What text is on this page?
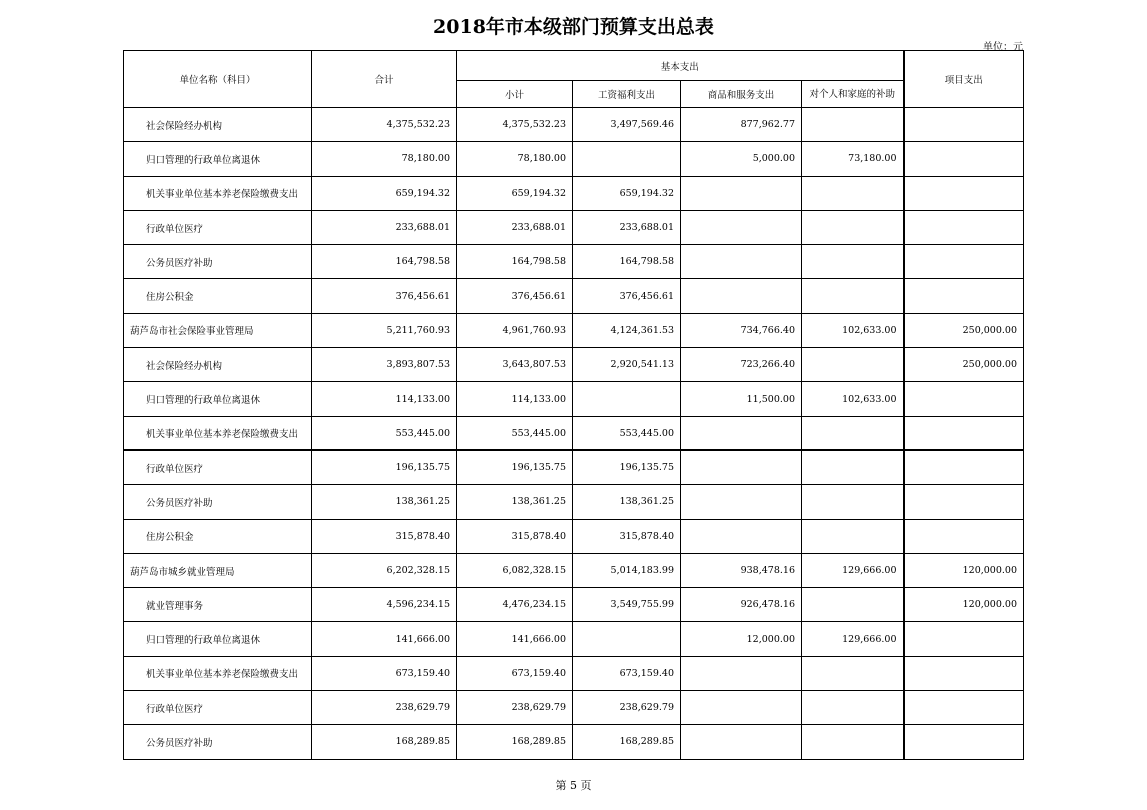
2018年市本级部门预算支出总表
单位：元
单位名称（科目）	合计	基本支出				项目支出
		小计	工资福利支出	商品和服务支出	对个人和家庭的补助	
社会保险经办机构	4,375,532.23	4,375,532.23	3,497,569.46	877,962.77		
归口管理的行政单位离退休	78,180.00	78,180.00		5,000.00	73,180.00	
机关事业单位基本养老保险缴费支出	659,194.32	659,194.32	659,194.32			
行政单位医疗	233,688.01	233,688.01	233,688.01			
公务员医疗补助	164,798.58	164,798.58	164,798.58			
住房公积金	376,456.61	376,456.61	376,456.61			
葫芦岛市社会保险事业管理局	5,211,760.93	4,961,760.93	4,124,361.53	734,766.40	102,633.00	250,000.00
社会保险经办机构	3,893,807.53	3,643,807.53	2,920,541.13	723,266.40		250,000.00
归口管理的行政单位离退休	114,133.00	114,133.00		11,500.00	102,633.00	
机关事业单位基本养老保险缴费支出	553,445.00	553,445.00	553,445.00			
行政单位医疗	196,135.75	196,135.75	196,135.75			
公务员医疗补助	138,361.25	138,361.25	138,361.25			
住房公积金	315,878.40	315,878.40	315,878.40			
葫芦岛市城乡就业管理局	6,202,328.15	6,082,328.15	5,014,183.99	938,478.16	129,666.00	120,000.00
就业管理事务	4,596,234.15	4,476,234.15	3,549,755.99	926,478.16		120,000.00
归口管理的行政单位离退休	141,666.00	141,666.00		12,000.00	129,666.00	
机关事业单位基本养老保险缴费支出	673,159.40	673,159.40	673,159.40			
行政单位医疗	238,629.79	238,629.79	238,629.79			
公务员医疗补助	168,289.85	168,289.85	168,289.85			
第 5 页
